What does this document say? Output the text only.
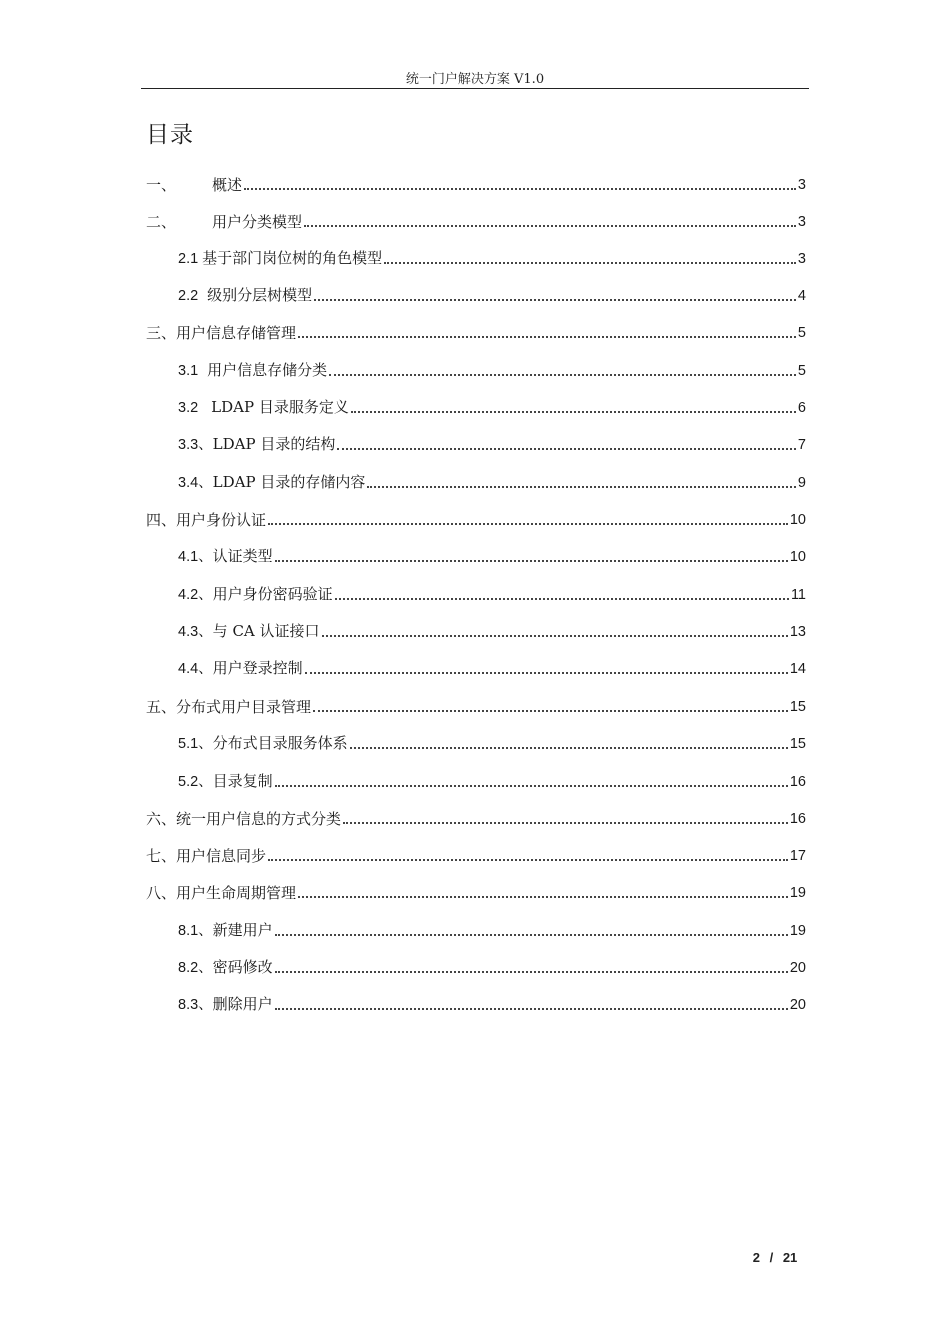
统一门户解决方案 V1.0
目录
一、 概述	3
二、 用户分类模型	3
2.1 基于部门岗位树的角色模型	3
2.2 级别分层树模型	4
三、用户信息存储管理	5
3.1 用户信息存储分类	5
3.2 LDAP 目录服务定义	6
3.3、LDAP 目录的结构	7
3.4、LDAP 目录的存储内容	9
四、用户身份认证	10
4.1、认证类型	10
4.2、用户身份密码验证	11
4.3、与 CA 认证接口	13
4.4、用户登录控制	14
五、分布式用户目录管理	15
5.1、分布式目录服务体系	15
5.2、目录复制	16
六、统一用户信息的方式分类	16
七、用户信息同步	17
八、用户生命周期管理	19
8.1、新建用户	19
8.2、密码修改	20
8.3、删除用户	20
2 / 21
